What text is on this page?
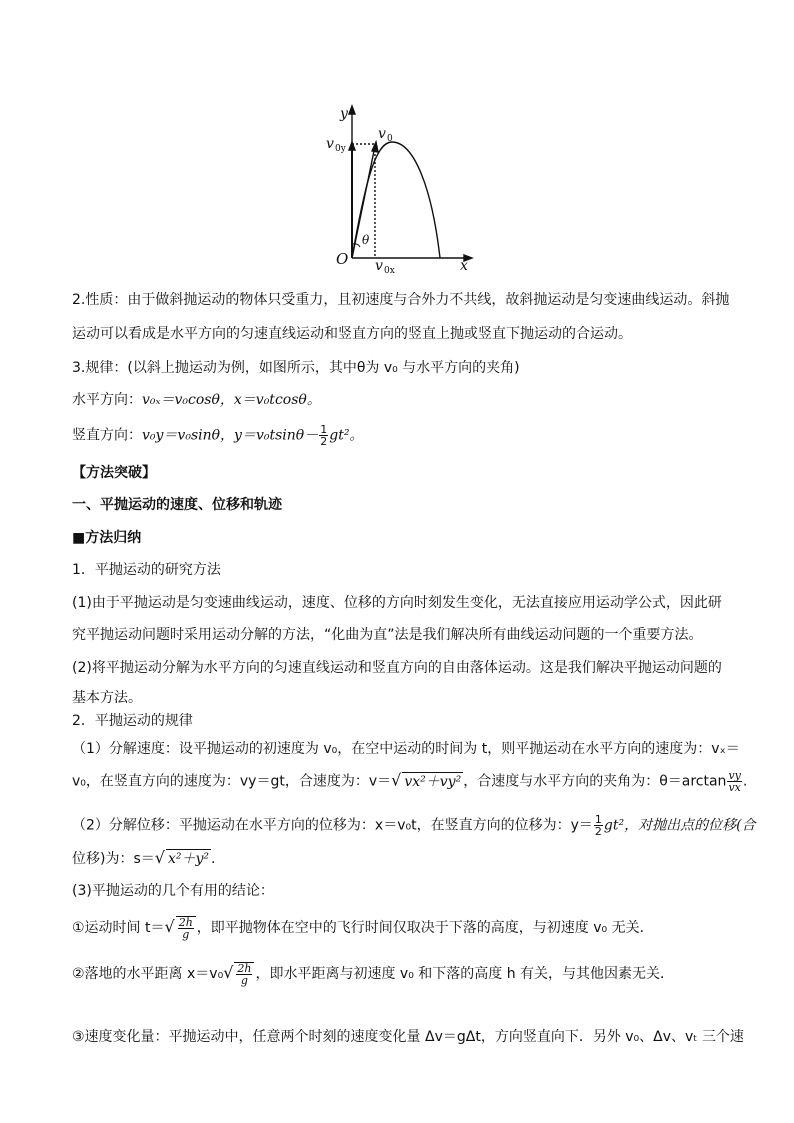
y
x
O
v 0
v 0y
v 0x
θ
2.性质：由于做斜抛运动的物体只受重力，且初速度与合外力不共线，故斜抛运动是匀变速曲线运动。斜抛
运动可以看成是水平方向的匀速直线运动和竖直方向的竖直上抛或竖直下抛运动的合运动。
3.规律：(以斜上抛运动为例，如图所示，其中θ为 v₀ 与水平方向的夹角)
水平方向：v₀ₓ＝v₀cosθ，x＝v₀tcosθ。
竖直方向：v₀y＝v₀sinθ，$y=v_0tsin\theta- \frac{1}{2} gt^2$。
【方法突破】
一、平抛运动的速度、位移和轨迹
■方法归纳
1．平抛运动的研究方法
(1)由于平抛运动是匀变速曲线运动，速度、位移的方向时刻发生变化，无法直接应用运动学公式，因此研
究平抛运动问题时采用运动分解的方法，“化曲为直”法是我们解决所有曲线运动问题的一个重要方法。
(2)将平抛运动分解为水平方向的匀速直线运动和竖直方向的自由落体运动。这是我们解决平抛运动问题的
基本方法。
2．平抛运动的规律
（1）分解速度：设平抛运动的初速度为 v₀，在空中运动的时间为 t，则平抛运动在水平方向的速度为：vₓ＝
v₀，在竖直方向的速度为：vy＝gt，合速度为：v＝√ vx²＋vy² ，合速度与水平方向的夹角为：$\theta=\arctan \frac{vy}{vx}$ .
（2）分解位移：平抛运动在水平方向的位移为：x＝v₀t，在竖直方向的位移为：$y= \frac{1}{2} gt^2$，对抛出点的位移(合
位移)为：s＝√ x²＋y² .
(3)平抛运动的几个有用的结论：
①运动时间 $t=√ \frac{2h}{g}$ ，即平抛物体在空中的飞行时间仅取决于下落的高度，与初速度 v₀ 无关．
②落地的水平距离 $x=v_0√ \frac{2h}{g}$ ，即水平距离与初速度 v₀ 和下落的高度 h 有关，与其他因素无关．
③速度变化量：平抛运动中，任意两个时刻的速度变化量 Δv＝gΔt，方向竖直向下．另外 v₀、Δv、vₜ 三个速
